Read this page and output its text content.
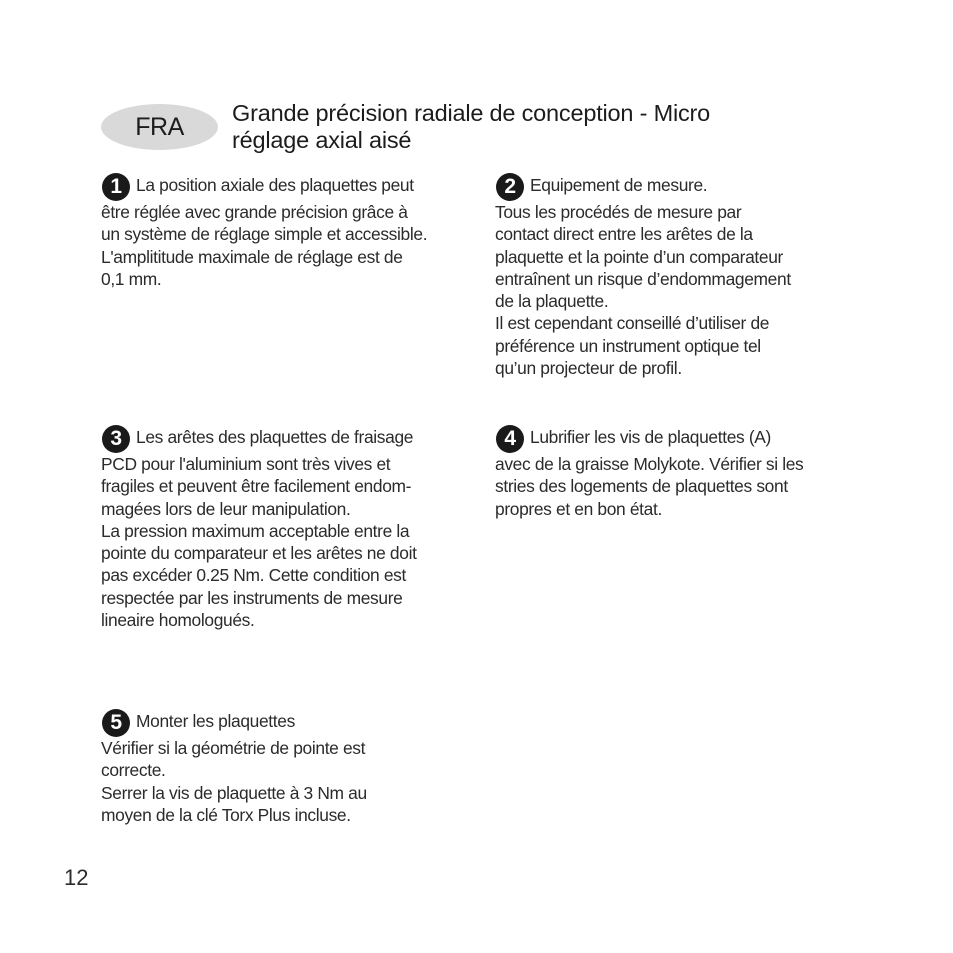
FRA	Grande précision radiale de conception - Micro
réglage axial aisé

1 La position axiale des plaquettes peut

être réglée avec grande précision grâce à

un système de réglage simple et accessible.

L'amplititude maximale de réglage est de

0,1 mm.

2 Equipement de mesure.

Tous les procédés de mesure par

contact direct entre les arêtes de la

plaquette et la pointe d’un comparateur

entraînent un risque d’endommagement

de la plaquette.

Il est cependant conseillé d’utiliser de

préférence un instrument optique tel

qu’un projecteur de profil.

3 Les arêtes des plaquettes de fraisage

PCD pour l'aluminium sont très vives et

fragiles et peuvent être facilement endom-

magées lors de leur manipulation.

La pression maximum acceptable entre la

pointe du comparateur et les arêtes ne doit

pas excéder 0.25 Nm. Cette condition est

respectée par les instruments de mesure

lineaire homologués.

4 Lubrifier les vis de plaquettes (A)

avec de la graisse Molykote. Vérifier si les

stries des logements de plaquettes sont

propres et en bon état.

5 Monter les plaquettes

Vérifier si la géométrie de pointe est

correcte.

Serrer la vis de plaquette à 3 Nm au

moyen de la clé Torx Plus incluse.

12
